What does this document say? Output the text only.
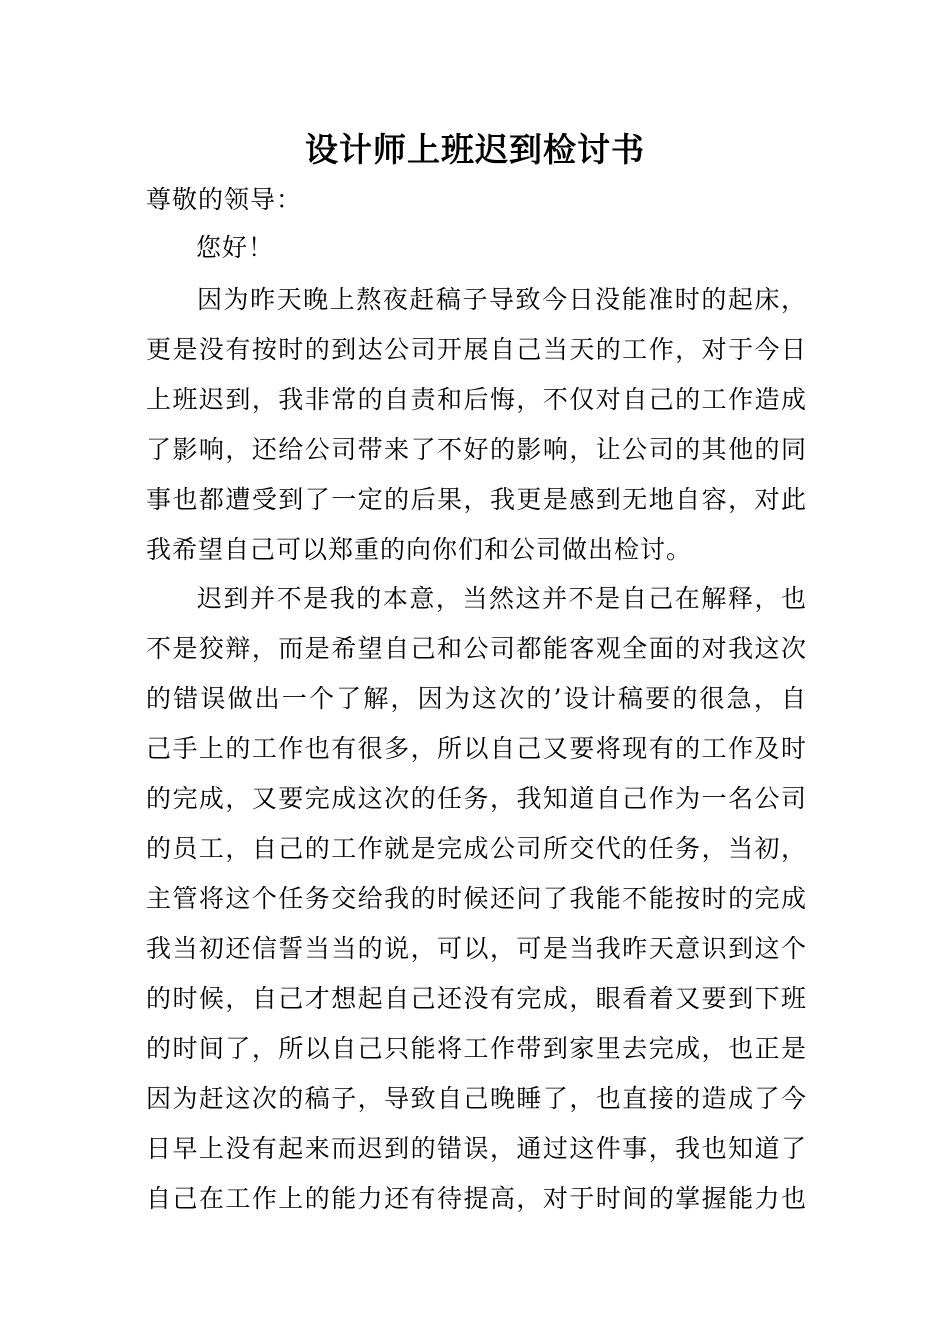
设计师上班迟到检讨书
尊敬的领导：
您好！
因为昨天晚上熬夜赶稿子导致今日没能准时的起床，
更是没有按时的到达公司开展自己当天的工作，对于今日
上班迟到，我非常的自责和后悔，不仅对自己的工作造成
了影响，还给公司带来了不好的影响，让公司的其他的同
事也都遭受到了一定的后果，我更是感到无地自容，对此
我希望自己可以郑重的向你们和公司做出检讨。
迟到并不是我的本意，当然这并不是自己在解释，也
不是狡辩，而是希望自己和公司都能客观全面的对我这次
的错误做出一个了解，因为这次的’设计稿要的很急，自
己手上的工作也有很多，所以自己又要将现有的工作及时
的完成，又要完成这次的任务，我知道自己作为一名公司
的员工，自己的工作就是完成公司所交代的任务，当初，
主管将这个任务交给我的时候还问了我能不能按时的完成
我当初还信誓当当的说，可以，可是当我昨天意识到这个
的时候，自己才想起自己还没有完成，眼看着又要到下班
的时间了，所以自己只能将工作带到家里去完成，也正是
因为赶这次的稿子，导致自己晚睡了，也直接的造成了今
日早上没有起来而迟到的错误，通过这件事，我也知道了
自己在工作上的能力还有待提高，对于时间的掌握能力也
